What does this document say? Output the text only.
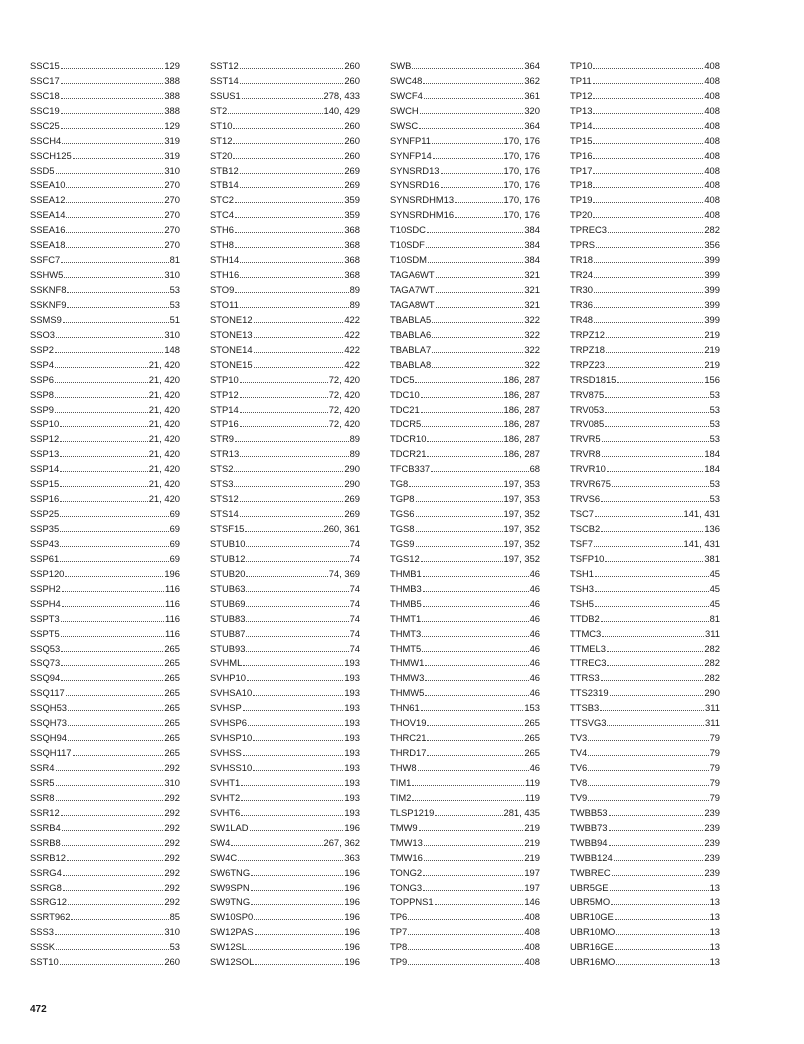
SSC15	129
SSC17	388
SSC18	388
SSC19	388
SSC25	129
SSCH4	319
SSCH125	319
SSD5	310
SSEA10	270
SSEA12	270
SSEA14	270
SSEA16	270
SSEA18	270
SSFC7	81
SSHW5	310
SSKNF8	53
SSKNF9	53
SSMS9	51
SSO3	310
SSP2	148
SSP4	21, 420
SSP6	21, 420
SSP8	21, 420
SSP9	21, 420
SSP10	21, 420
SSP12	21, 420
SSP13	21, 420
SSP14	21, 420
SSP15	21, 420
SSP16	21, 420
SSP25	69
SSP35	69
SSP43	69
SSP61	69
SSP120	196
SSPH2	116
SSPH4	116
SSPT3	116
SSPT5	116
SSQ53	265
SSQ73	265
SSQ94	265
SSQ117	265
SSQH53	265
SSQH73	265
SSQH94	265
SSQH117	265
SSR4	292
SSR5	310
SSR8	292
SSR12	292
SSRB4	292
SSRB8	292
SSRB12	292
SSRG4	292
SSRG8	292
SSRG12	292
SSRT962	85
SSS3	310
SSSK	53
SST10	260
SST12	260
SST14	260
SSUS1	278, 433
ST2	140, 429
ST10	260
ST12	260
ST20	260
STB12	269
STB14	269
STC2	359
STC4	359
STH6	368
STH8	368
STH14	368
STH16	368
STO9	89
STO11	89
STONE12	422
STONE13	422
STONE14	422
STONE15	422
STP10	72, 420
STP12	72, 420
STP14	72, 420
STP16	72, 420
STR9	89
STR13	89
STS2	290
STS3	290
STS12	269
STS14	269
STSF15	260, 361
STUB10	74
STUB12	74
STUB20	74, 369
STUB63	74
STUB69	74
STUB83	74
STUB87	74
STUB93	74
SVHML	193
SVHP10	193
SVHSA10	193
SVHSP	193
SVHSP6	193
SVHSP10	193
SVHSS	193
SVHSS10	193
SVHT1	193
SVHT2	193
SVHT6	193
SW1LAD	196
SW4	267, 362
SW4C	363
SW6TNG	196
SW9SPN	196
SW9TNG	196
SW10SP0	196
SW12PAS	196
SW12SL	196
SW12SOL	196
SWB	364
SWC48	362
SWCF4	361
SWCH	320
SWSC	364
SYNFP11	170, 176
SYNFP14	170, 176
SYNSRD13	170, 176
SYNSRD16	170, 176
SYNSRDHM13	170, 176
SYNSRDHM16	170, 176
T10SDC	384
T10SDF	384
T10SDM	384
TAGA6WT	321
TAGA7WT	321
TAGA8WT	321
TBABLA5	322
TBABLA6	322
TBABLA7	322
TBABLA8	322
TDC5	186, 287
TDC10	186, 287
TDC21	186, 287
TDCR5	186, 287
TDCR10	186, 287
TDCR21	186, 287
TFCB337	68
TG8	197, 353
TGP8	197, 353
TGS6	197, 352
TGS8	197, 352
TGS9	197, 352
TGS12	197, 352
THMB1	46
THMB3	46
THMB5	46
THMT1	46
THMT3	46
THMT5	46
THMW1	46
THMW3	46
THMW5	46
THN61	153
THOV19	265
THRC21	265
THRD17	265
THW8	46
TIM1	119
TIM2	119
TLSP1219	281, 435
TMW9	219
TMW13	219
TMW16	219
TONG2	197
TONG3	197
TOPPNS1	146
TP6	408
TP7	408
TP8	408
TP9	408
TP10	408
TP11	408
TP12	408
TP13	408
TP14	408
TP15	408
TP16	408
TP17	408
TP18	408
TP19	408
TP20	408
TPREC3	282
TPRS	356
TR18	399
TR24	399
TR30	399
TR36	399
TR48	399
TRPZ12	219
TRPZ18	219
TRPZ23	219
TRSD1815	156
TRV875	53
TRV053	53
TRV085	53
TRVR5	53
TRVR8	184
TRVR10	184
TRVR675	53
TRVS6	53
TSC7	141, 431
TSCB2	136
TSF7	141, 431
TSFP10	381
TSH1	45
TSH3	45
TSH5	45
TTDB2	81
TTMC3	311
TTMEL3	282
TTREC3	282
TTRS3	282
TTS2319	290
TTSB3	311
TTSVG3	311
TV3	79
TV4	79
TV6	79
TV8	79
TV9	79
TWBB53	239
TWBB73	239
TWBB94	239
TWBB124	239
TWBREC	239
UBR5GE	13
UBR5MO	13
UBR10GE	13
UBR10MO	13
UBR16GE	13
UBR16MO	13
472
